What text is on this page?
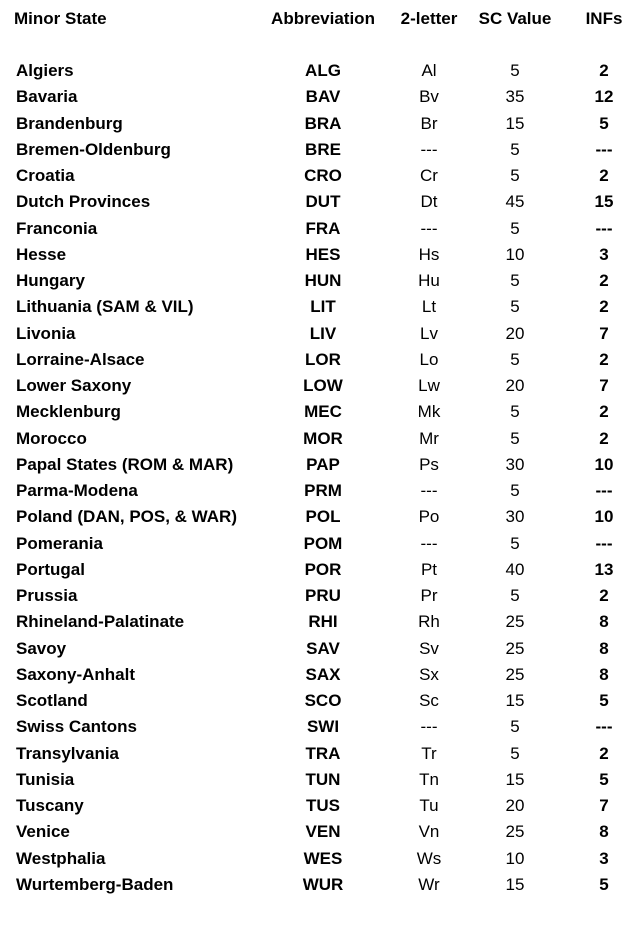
Minor State	Abbreviation	2-letter	SC Value	INFs
Algiers	ALG	Al	5	2
Bavaria	BAV	Bv	35	12
Brandenburg	BRA	Br	15	5
Bremen-Oldenburg	BRE	---	5	---
Croatia	CRO	Cr	5	2
Dutch Provinces	DUT	Dt	45	15
Franconia	FRA	---	5	---
Hesse	HES	Hs	10	3
Hungary	HUN	Hu	5	2
Lithuania (SAM & VIL)	LIT	Lt	5	2
Livonia	LIV	Lv	20	7
Lorraine-Alsace	LOR	Lo	5	2
Lower Saxony	LOW	Lw	20	7
Mecklenburg	MEC	Mk	5	2
Morocco	MOR	Mr	5	2
Papal States (ROM & MAR)	PAP	Ps	30	10
Parma-Modena	PRM	---	5	---
Poland (DAN, POS, & WAR)	POL	Po	30	10
Pomerania	POM	---	5	---
Portugal	POR	Pt	40	13
Prussia	PRU	Pr	5	2
Rhineland-Palatinate	RHI	Rh	25	8
Savoy	SAV	Sv	25	8
Saxony-Anhalt	SAX	Sx	25	8
Scotland	SCO	Sc	15	5
Swiss Cantons	SWI	---	5	---
Transylvania	TRA	Tr	5	2
Tunisia	TUN	Tn	15	5
Tuscany	TUS	Tu	20	7
Venice	VEN	Vn	25	8
Westphalia	WES	Ws	10	3
Wurtemberg-Baden	WUR	Wr	15	5
